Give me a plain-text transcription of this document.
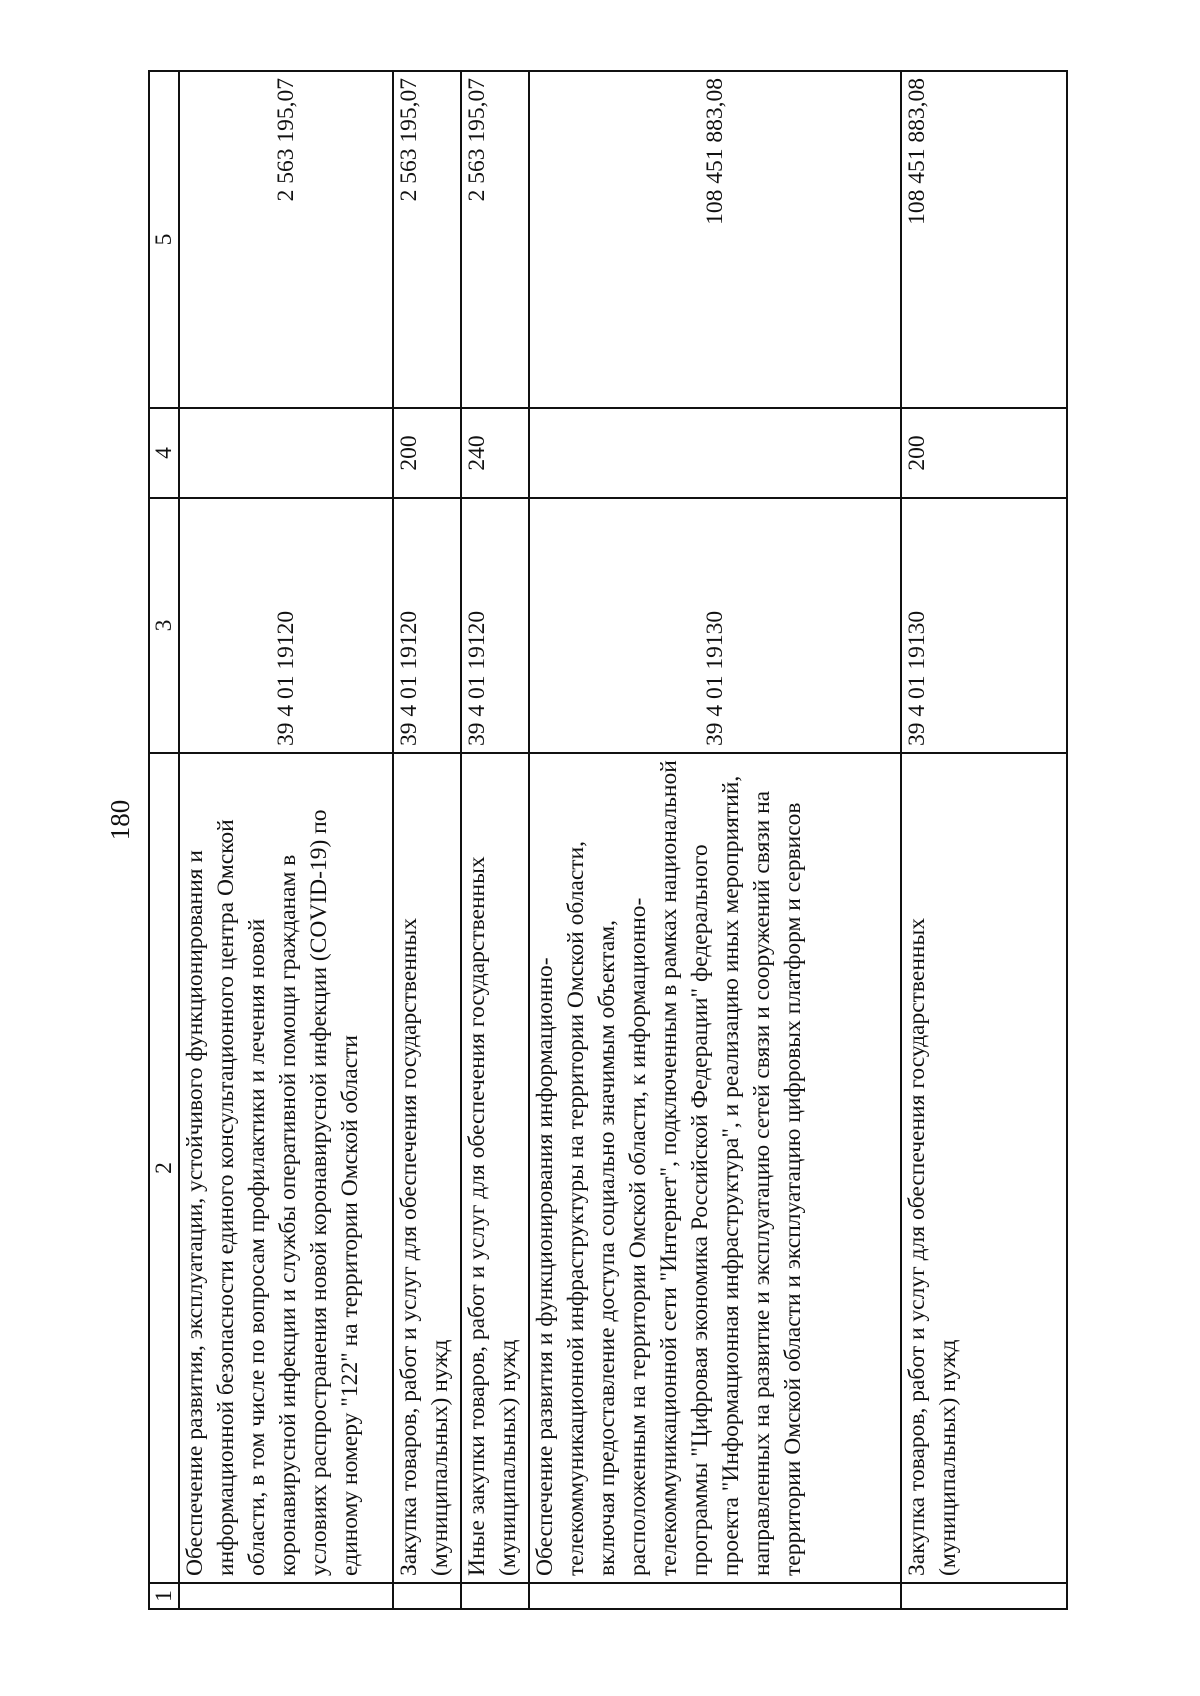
180
1	2	3	4	5
	Обеспечение развития, эксплуатации, устойчивого функционирования и информационной безопасности единого консультационного центра Омской области, в том числе по вопросам профилактики и лечения новой коронавирусной инфекции и службы оперативной помощи гражданам в условиях распространения новой коронавирусной инфекции (COVID-19) по единому номеру "122" на территории Омской области	39 4 01 19120		2 563 195,07
	Закупка товаров, работ и услуг для обеспечения государственных (муниципальных) нужд	39 4 01 19120	200	2 563 195,07
	Иные закупки товаров, работ и услуг для обеспечения государственных (муниципальных) нужд	39 4 01 19120	240	2 563 195,07
	Обеспечение развития и функционирования информационно-телекоммуникационной инфраструктуры на территории Омской области, включая предоставление доступа социально значимым объектам, расположенным на территории Омской области, к информационно-телекоммуникационной сети "Интернет", подключенным в рамках национальной программы "Цифровая экономика Российской Федерации" федерального проекта "Информационная инфраструктура", и реализацию иных мероприятий, направленных на развитие и эксплуатацию сетей связи и сооружений связи на территории Омской области и эксплуатацию цифровых платформ и сервисов	39 4 01 19130		108 451 883,08
	Закупка товаров, работ и услуг для обеспечения государственных (муниципальных) нужд	39 4 01 19130	200	108 451 883,08
